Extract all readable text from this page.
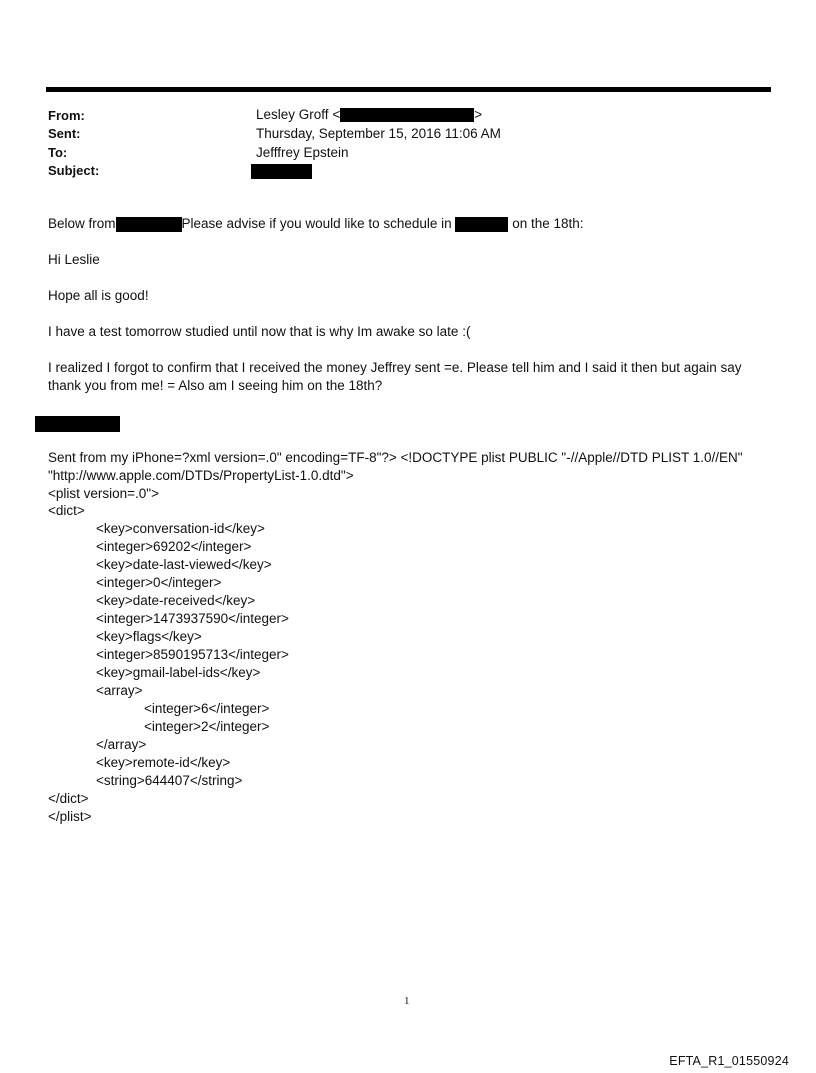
From:	Lesley Groff <	>
Sent:	Thursday, September 15, 2016 11:06 AM
To:	Jefffrey Epstein
Subject:
Below from	Please advise if you would like to schedule in	on the 18th:
Hi Leslie
Hope all is good!
I have a test tomorrow studied until now that is why Im awake so late :(
I realized I forgot to confirm that I received the money Jeffrey sent =e. Please tell him and I said it then but again say
thank you from me! = Also am I seeing him on the 18th?
Sent from my iPhone=?xml version=.0" encoding=TF-8"?> <!DOCTYPE plist PUBLIC "-//Apple//DTD PLIST 1.0//EN"
"http://www.apple.com/DTDs/PropertyList-1.0.dtd">
<plist version=.0">
<dict>
<key>conversation-id</key>
<integer>69202</integer>
<key>date-last-viewed</key>
<integer>0</integer>
<key>date-received</key>
<integer>1473937590</integer>
<key>flags</key>
<integer>8590195713</integer>
<key>gmail-label-ids</key>
<array>
<integer>6</integer>
<integer>2</integer>
</array>
<key>remote-id</key>
<string>644407</string>
</dict>
</plist>
1
EFTA_R1_01550924
